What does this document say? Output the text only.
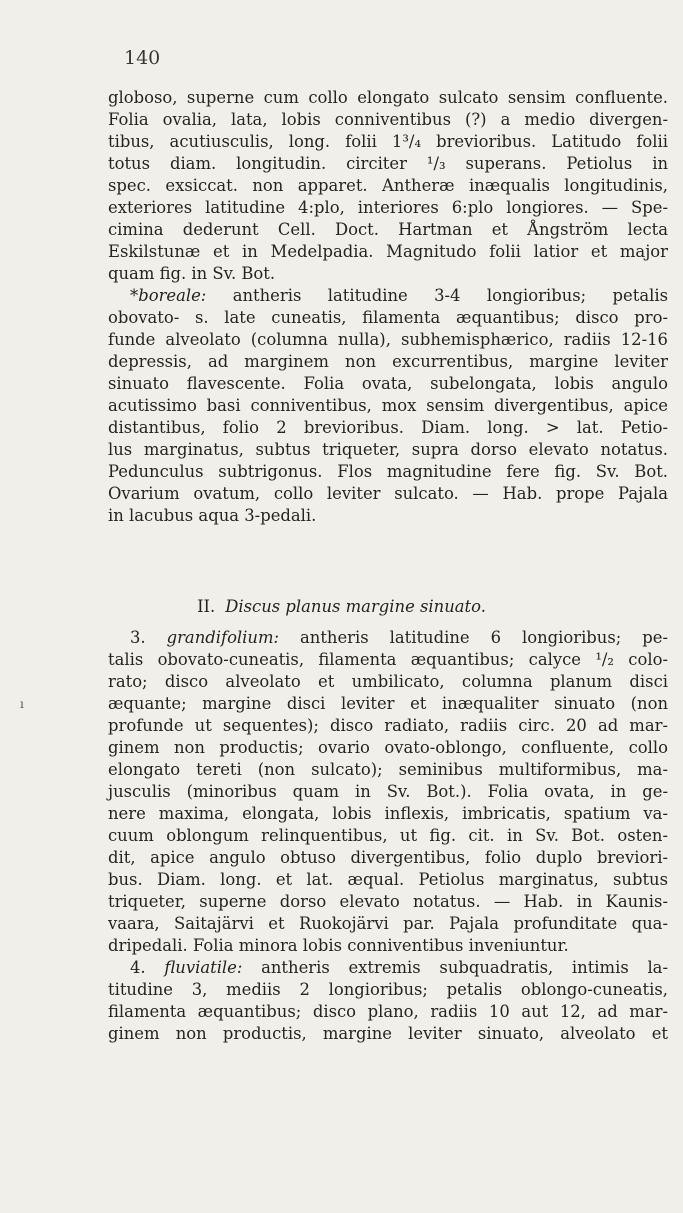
140
ı
globoso, superne cum collo elongato sulcato sensim confluente.
Folia ovalia, lata, lobis conniventibus (?) a medio divergen-
tibus, acutiusculis, long. folii 1³/₄ brevioribus. Latitudo folii
totus diam. longitudin. circiter ¹/₃ superans. Petiolus in
spec. exsiccat. non apparet. Antheræ inæqualis longitudinis,
exteriores latitudine 4:plo, interiores 6:plo longiores. — Spe-
cimina dederunt Cell. Doct. Hartman et Ångström lecta
Eskilstunæ et in Medelpadia. Magnitudo folii latior et major
quam fig. in Sv. Bot.
*boreale: antheris latitudine 3-4 longioribus; petalis
obovato- s. late cuneatis, filamenta æquantibus; disco pro-
funde alveolato (columna nulla), subhemisphærico, radiis 12-16
depressis, ad marginem non excurrentibus, margine leviter
sinuato flavescente. Folia ovata, subelongata, lobis angulo
acutissimo basi conniventibus, mox sensim divergentibus, apice
distantibus, folio 2 brevioribus. Diam. long. > lat. Petio-
lus marginatus, subtus triqueter, supra dorso elevato notatus.
Pedunculus subtrigonus. Flos magnitudine fere fig. Sv. Bot.
Ovarium ovatum, collo leviter sulcato. — Hab. prope Pajala
in lacubus aqua 3-pedali.
II. Discus planus margine sinuato.
3. grandifolium: antheris latitudine 6 longioribus; pe-
talis obovato-cuneatis, filamenta æquantibus; calyce ¹/₂ colo-
rato; disco alveolato et umbilicato, columna planum disci
æquante; margine disci leviter et inæqualiter sinuato (non
profunde ut sequentes); disco radiato, radiis circ. 20 ad mar-
ginem non productis; ovario ovato-oblongo, confluente, collo
elongato tereti (non sulcato); seminibus multiformibus, ma-
jusculis (minoribus quam in Sv. Bot.). Folia ovata, in ge-
nere maxima, elongata, lobis inflexis, imbricatis, spatium va-
cuum oblongum relinquentibus, ut fig. cit. in Sv. Bot. osten-
dit, apice angulo obtuso divergentibus, folio duplo breviori-
bus. Diam. long. et lat. æqual. Petiolus marginatus, subtus
triqueter, superne dorso elevato notatus. — Hab. in Kaunis-
vaara, Saitajärvi et Ruokojärvi par. Pajala profunditate qua-
dripedali. Folia minora lobis conniventibus inveniuntur.
4. fluviatile: antheris extremis subquadratis, intimis la-
titudine 3, mediis 2 longioribus; petalis oblongo-cuneatis,
filamenta æquantibus; disco plano, radiis 10 aut 12, ad mar-
ginem non productis, margine leviter sinuato, alveolato et
